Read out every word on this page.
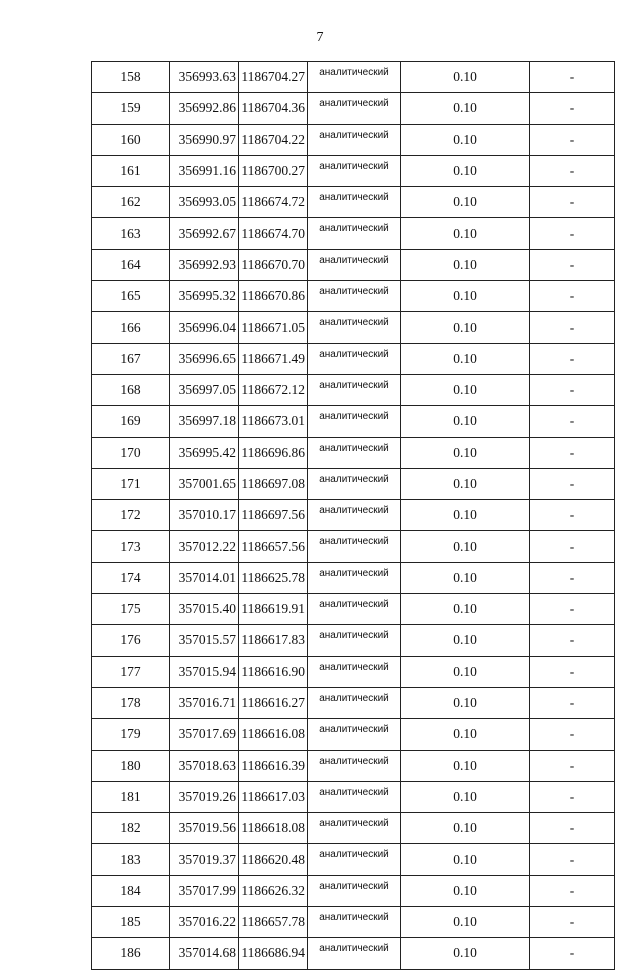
7
158	356993.63	1186704.27	аналитический	0.10	-
159	356992.86	1186704.36	аналитический	0.10	-
160	356990.97	1186704.22	аналитический	0.10	-
161	356991.16	1186700.27	аналитический	0.10	-
162	356993.05	1186674.72	аналитический	0.10	-
163	356992.67	1186674.70	аналитический	0.10	-
164	356992.93	1186670.70	аналитический	0.10	-
165	356995.32	1186670.86	аналитический	0.10	-
166	356996.04	1186671.05	аналитический	0.10	-
167	356996.65	1186671.49	аналитический	0.10	-
168	356997.05	1186672.12	аналитический	0.10	-
169	356997.18	1186673.01	аналитический	0.10	-
170	356995.42	1186696.86	аналитический	0.10	-
171	357001.65	1186697.08	аналитический	0.10	-
172	357010.17	1186697.56	аналитический	0.10	-
173	357012.22	1186657.56	аналитический	0.10	-
174	357014.01	1186625.78	аналитический	0.10	-
175	357015.40	1186619.91	аналитический	0.10	-
176	357015.57	1186617.83	аналитический	0.10	-
177	357015.94	1186616.90	аналитический	0.10	-
178	357016.71	1186616.27	аналитический	0.10	-
179	357017.69	1186616.08	аналитический	0.10	-
180	357018.63	1186616.39	аналитический	0.10	-
181	357019.26	1186617.03	аналитический	0.10	-
182	357019.56	1186618.08	аналитический	0.10	-
183	357019.37	1186620.48	аналитический	0.10	-
184	357017.99	1186626.32	аналитический	0.10	-
185	357016.22	1186657.78	аналитический	0.10	-
186	357014.68	1186686.94	аналитический	0.10	-
